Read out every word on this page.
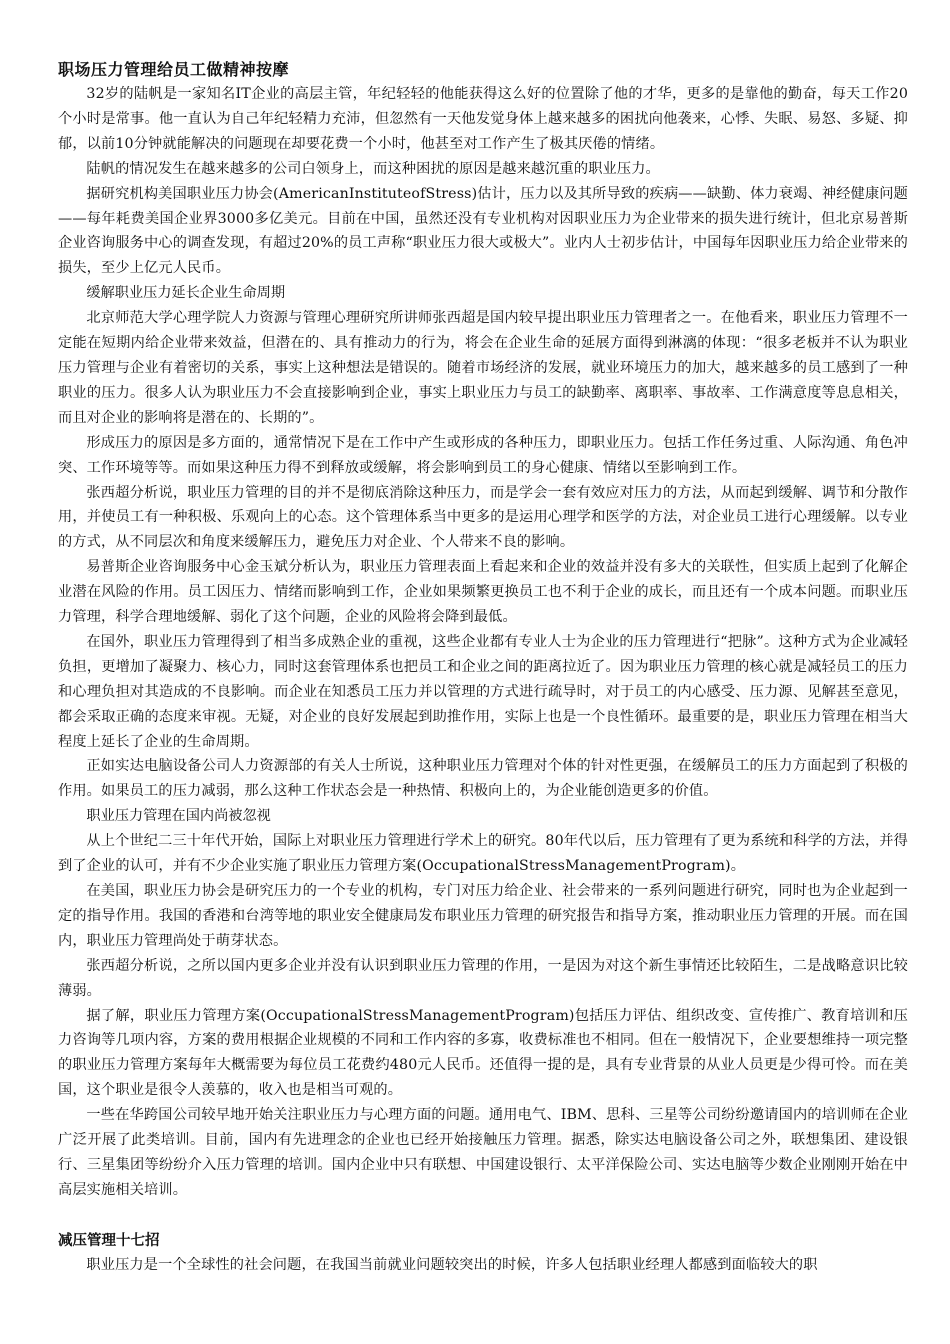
职场压力管理给员工做精神按摩

32岁的陆帆是一家知名IT企业的高层主管，年纪轻轻的他能获得这么好的位置除了他的才华，更多的是靠他的勤奋，每天工作20个小时是常事。他一直认为自己年纪轻精力充沛，但忽然有一天他发觉身体上越来越多的困扰向他袭来，心悸、失眠、易怒、多疑、抑郁，以前10分钟就能解决的问题现在却要花费一个小时，他甚至对工作产生了极其厌倦的情绪。

陆帆的情况发生在越来越多的公司白领身上，而这种困扰的原因是越来越沉重的职业压力。

据研究机构美国职业压力协会(AmericanInstituteofStress)估计，压力以及其所导致的疾病——缺勤、体力衰竭、神经健康问题——每年耗费美国企业界3000多亿美元。目前在中国，虽然还没有专业机构对因职业压力为企业带来的损失进行统计，但北京易普斯企业咨询服务中心的调查发现，有超过20%的员工声称“职业压力很大或极大”。业内人士初步估计，中国每年因职业压力给企业带来的损失，至少上亿元人民币。

缓解职业压力延长企业生命周期

北京师范大学心理学院人力资源与管理心理研究所讲师张西超是国内较早提出职业压力管理者之一。在他看来，职业压力管理不一定能在短期内给企业带来效益，但潜在的、具有推动力的行为，将会在企业生命的延展方面得到淋漓的体现：“很多老板并不认为职业压力管理与企业有着密切的关系，事实上这种想法是错误的。随着市场经济的发展，就业环境压力的加大，越来越多的员工感到了一种职业的压力。很多人认为职业压力不会直接影响到企业，事实上职业压力与员工的缺勤率、离职率、事故率、工作满意度等息息相关，而且对企业的影响将是潜在的、长期的”。

形成压力的原因是多方面的，通常情况下是在工作中产生或形成的各种压力，即职业压力。包括工作任务过重、人际沟通、角色冲突、工作环境等等。而如果这种压力得不到释放或缓解，将会影响到员工的身心健康、情绪以至影响到工作。

张西超分析说，职业压力管理的目的并不是彻底消除这种压力，而是学会一套有效应对压力的方法，从而起到缓解、调节和分散作用，并使员工有一种积极、乐观向上的心态。这个管理体系当中更多的是运用心理学和医学的方法，对企业员工进行心理缓解。以专业的方式，从不同层次和角度来缓解压力，避免压力对企业、个人带来不良的影响。

易普斯企业咨询服务中心金玉斌分析认为，职业压力管理表面上看起来和企业的效益并没有多大的关联性，但实质上起到了化解企业潜在风险的作用。员工因压力、情绪而影响到工作，企业如果频繁更换员工也不利于企业的成长，而且还有一个成本问题。而职业压力管理，科学合理地缓解、弱化了这个问题，企业的风险将会降到最低。

在国外，职业压力管理得到了相当多成熟企业的重视，这些企业都有专业人士为企业的压力管理进行“把脉”。这种方式为企业减轻负担，更增加了凝聚力、核心力，同时这套管理体系也把员工和企业之间的距离拉近了。因为职业压力管理的核心就是减轻员工的压力和心理负担对其造成的不良影响。而企业在知悉员工压力并以管理的方式进行疏导时，对于员工的内心感受、压力源、见解甚至意见，都会采取正确的态度来审视。无疑，对企业的良好发展起到助推作用，实际上也是一个良性循环。最重要的是，职业压力管理在相当大程度上延长了企业的生命周期。

正如实达电脑设备公司人力资源部的有关人士所说，这种职业压力管理对个体的针对性更强，在缓解员工的压力方面起到了积极的作用。如果员工的压力减弱，那么这种工作状态会是一种热情、积极向上的，为企业能创造更多的价值。

职业压力管理在国内尚被忽视

从上个世纪二三十年代开始，国际上对职业压力管理进行学术上的研究。80年代以后，压力管理有了更为系统和科学的方法，并得到了企业的认可，并有不少企业实施了职业压力管理方案(OccupationalStressManagementProgram)。

在美国，职业压力协会是研究压力的一个专业的机构，专门对压力给企业、社会带来的一系列问题进行研究，同时也为企业起到一定的指导作用。我国的香港和台湾等地的职业安全健康局发布职业压力管理的研究报告和指导方案，推动职业压力管理的开展。而在国内，职业压力管理尚处于萌芽状态。

张西超分析说，之所以国内更多企业并没有认识到职业压力管理的作用，一是因为对这个新生事情还比较陌生，二是战略意识比较薄弱。

据了解，职业压力管理方案(OccupationalStressManagementProgram)包括压力评估、组织改变、宣传推广、教育培训和压力咨询等几项内容，方案的费用根据企业规模的不同和工作内容的多寡，收费标准也不相同。但在一般情况下，企业要想维持一项完整的职业压力管理方案每年大概需要为每位员工花费约480元人民币。还值得一提的是，具有专业背景的从业人员更是少得可怜。而在美国，这个职业是很令人羡慕的，收入也是相当可观的。

一些在华跨国公司较早地开始关注职业压力与心理方面的问题。通用电气、IBM、思科、三星等公司纷纷邀请国内的培训师在企业广泛开展了此类培训。目前，国内有先进理念的企业也已经开始接触压力管理。据悉，除实达电脑设备公司之外，联想集团、建设银行、三星集团等纷纷介入压力管理的培训。国内企业中只有联想、中国建设银行、太平洋保险公司、实达电脑等少数企业刚刚开始在中高层实施相关培训。

减压管理十七招

职业压力是一个全球性的社会问题，在我国当前就业问题较突出的时候，许多人包括职业经理人都感到面临较大的职
